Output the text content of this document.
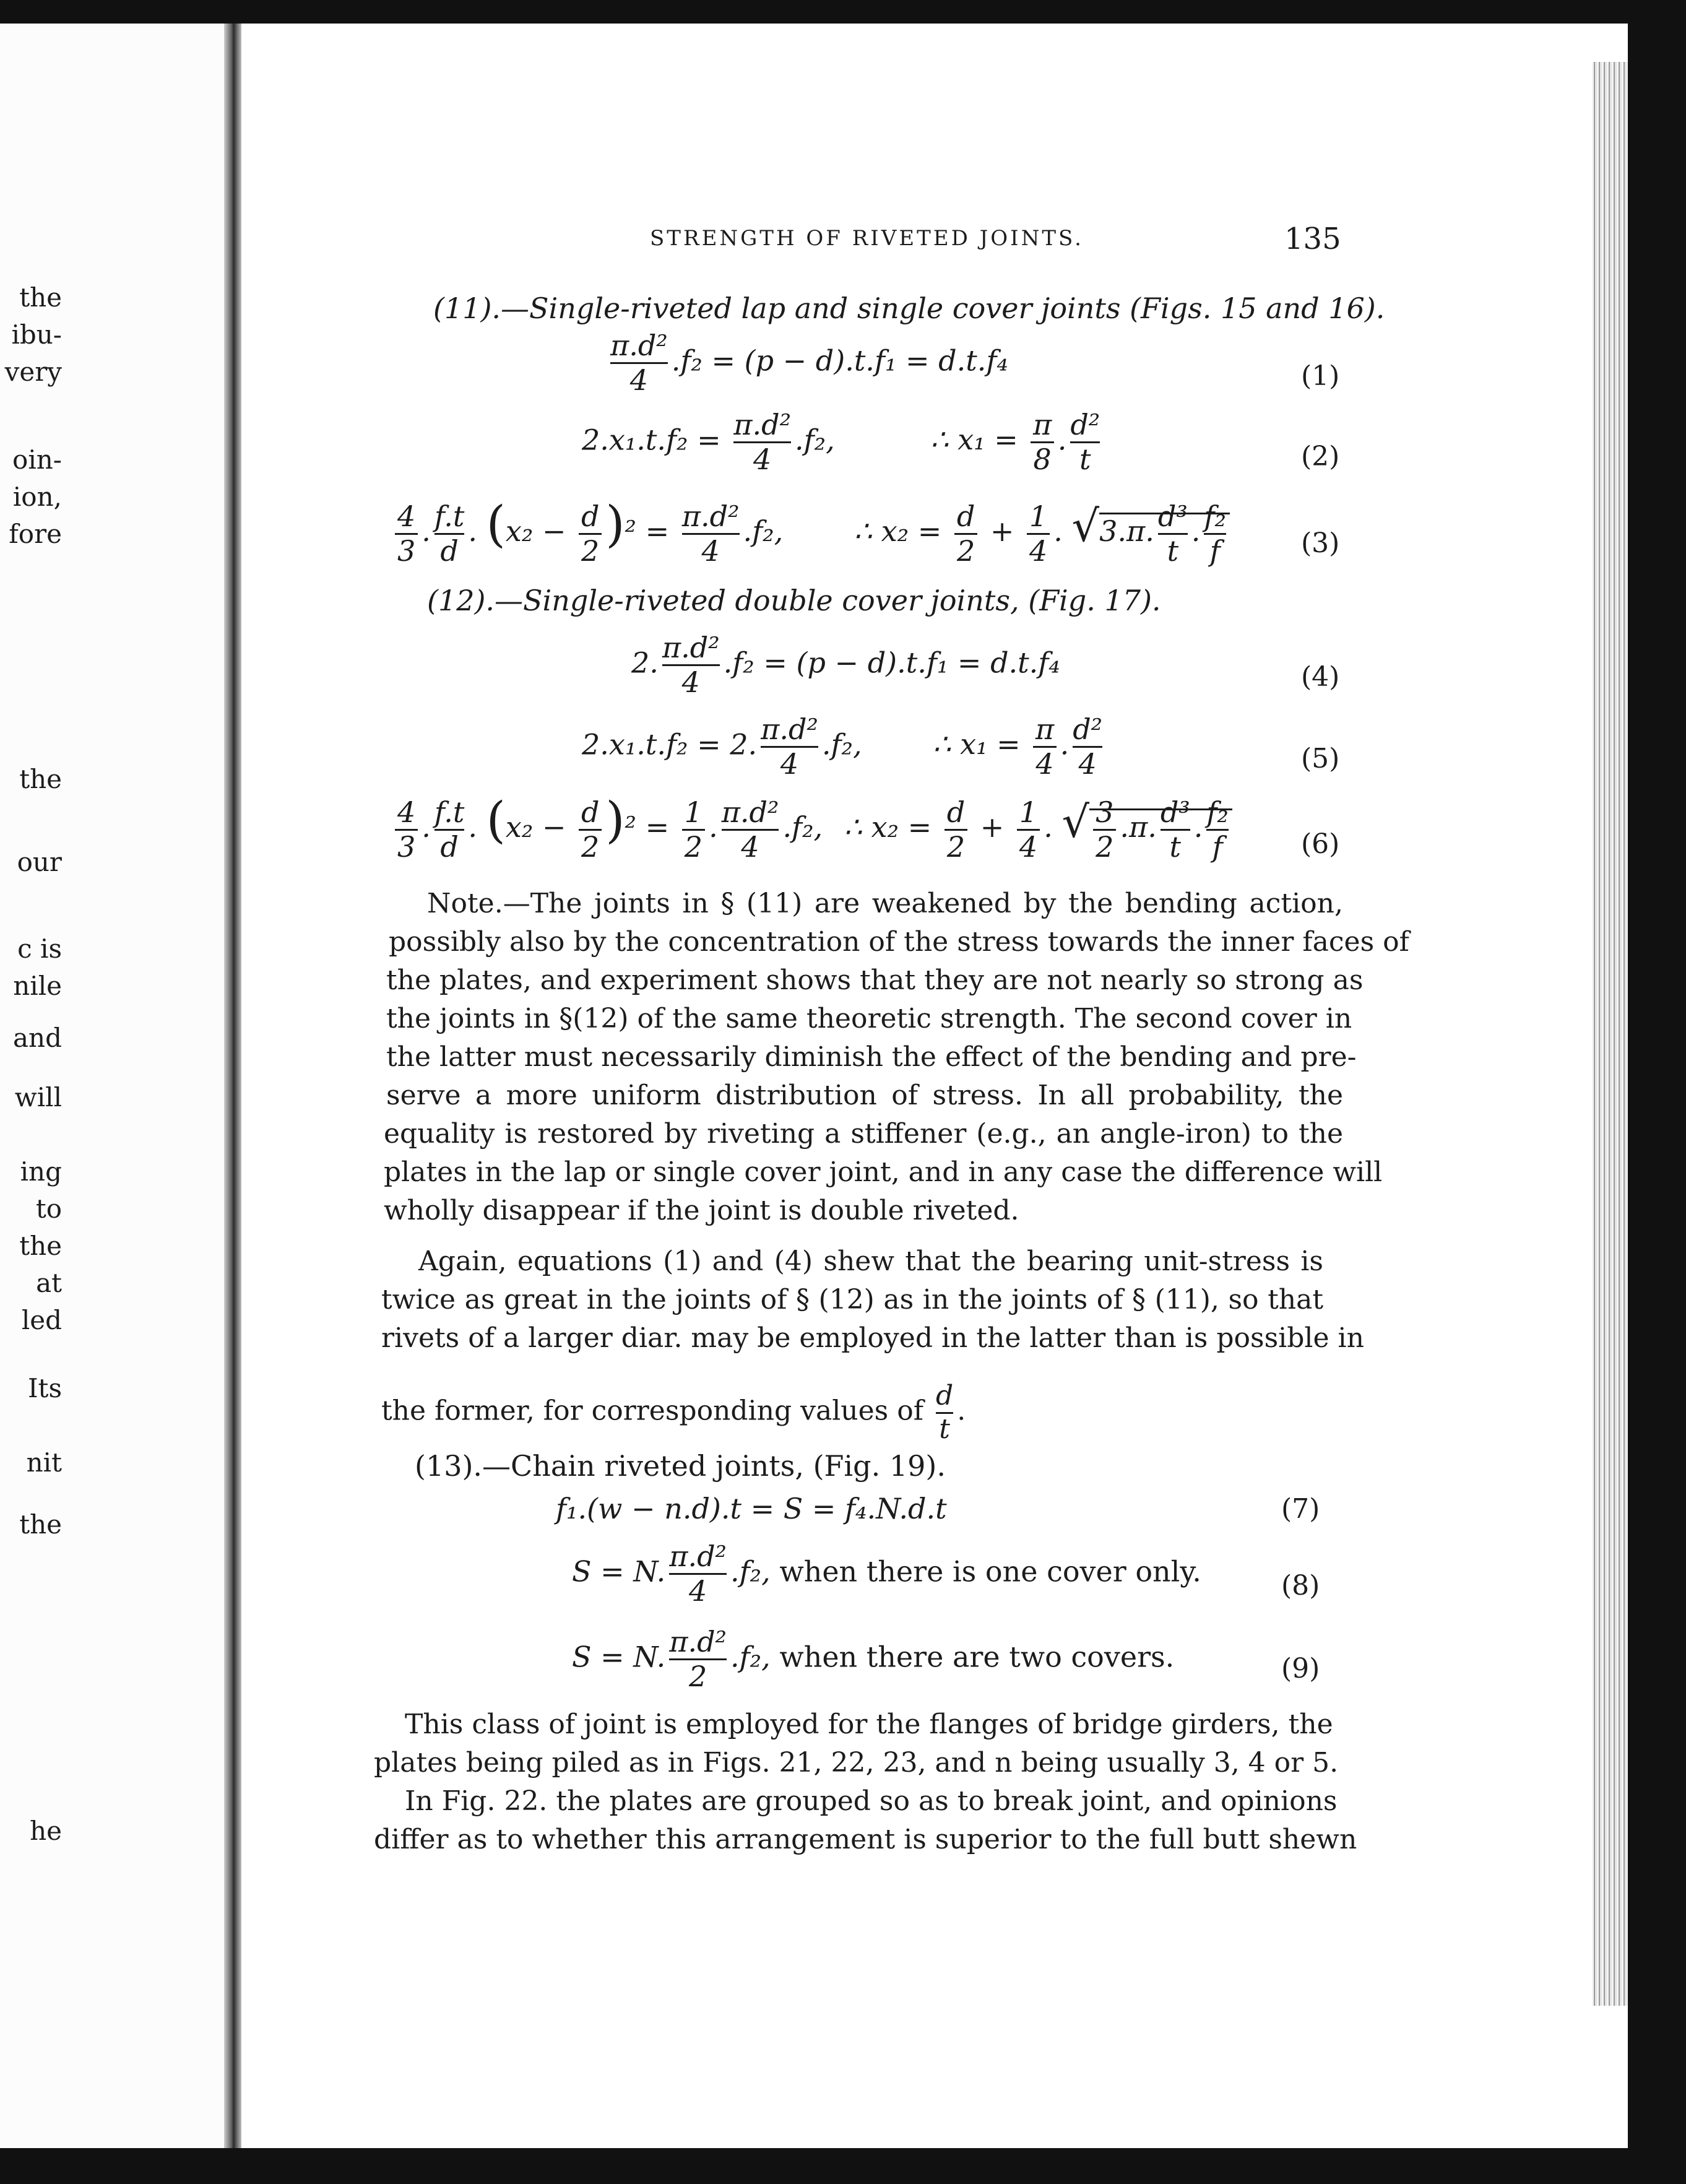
the
ibu-
very
oin-
ion,
fore
the
our
c is
nile
and
will
ing
to
the
at
led
Its
nit
the
he
STRENGTH OF RIVETED JOINTS.	135
(11).—Single-riveted lap and single cover joints (Figs. 15 and 16).
$\frac{\text{π.d²}}{4} .f_2 = (p - d).t.f_1 = d.t.f_4$	(1)
$2.x_1.t.f_2 = \frac{\text{π.d²}}{4} .f_2$,	∴ $x_1 = \frac{\pi}{8}$ . $\frac{\text{d²}}{t}$	(2)
$\frac{4}{3}$ . $\frac{f.t}{d}$ . $(x_2 - \frac{d}{2} )^2 = \frac{\text{π.d²}}{4} .f_2$, ∴ $x_2 = \frac{d}{2} + \frac{1}{4}$ . √3.π. $\frac{\text{d³}}{t}$ . $\frac{\text{f₂}}{f}$	(3)
(12).—Single-riveted double cover joints, (Fig. 17).
2. $\frac{\text{π.d²}}{4} .f_2 = (p - d).t.f_1 = d.t.f_4$	(4)
2.x₁.t.f₂ = 2. $\frac{\text{π.d²}}{4} .f_2$, ∴ $x_1 = \frac{\pi}{4}$ . $\frac{\text{d²}}{4}$	(5)
$\frac{4}{3}$ . $\frac{f.t}{d}$ . $(x_2 - \frac{d}{2} )^2 = \frac{1}{2}$ . $\frac{\text{π.d²}}{4} .f_2$, ∴ $x_2 = \frac{d}{2} + \frac{1}{4}$ . √ $\frac{3}{2} .\pi$. $\frac{\text{d³}}{t}$ . $\frac{\text{f₂}}{f}$	(6)
Note.—The joints in § (11) are weakened by the bending action,
possibly also by the concentration of the stress towards the inner faces of
the plates, and experiment shows that they are not nearly so strong as
the joints in §(12) of the same theoretic strength. The second cover in
the latter must necessarily diminish the effect of the bending and pre-
serve a more uniform distribution of stress. In all probability, the
equality is restored by riveting a stiffener (e.g., an angle-iron) to the
plates in the lap or single cover joint, and in any case the difference will
wholly disappear if the joint is double riveted.
Again, equations (1) and (4) shew that the bearing unit-stress is
twice as great in the joints of § (12) as in the joints of § (11), so that
rivets of a larger diar. may be employed in the latter than is possible in
the former, for corresponding values of $\frac{d}{t}$ .
(13).—Chain riveted joints, (Fig. 19).
f₁.(w − n.d).t = S = f₄.N.d.t	(7)
S = N. $\frac{\text{π.d²}}{4} .f_2$, when there is one cover only.	(8)
S = N. $\frac{\text{π.d²}}{2} .f_2$, when there are two covers.	(9)
This class of joint is employed for the flanges of bridge girders, the
plates being piled as in Figs. 21, 22, 23, and n being usually 3, 4 or 5.
In Fig. 22. the plates are grouped so as to break joint, and opinions
differ as to whether this arrangement is superior to the full butt shewn
